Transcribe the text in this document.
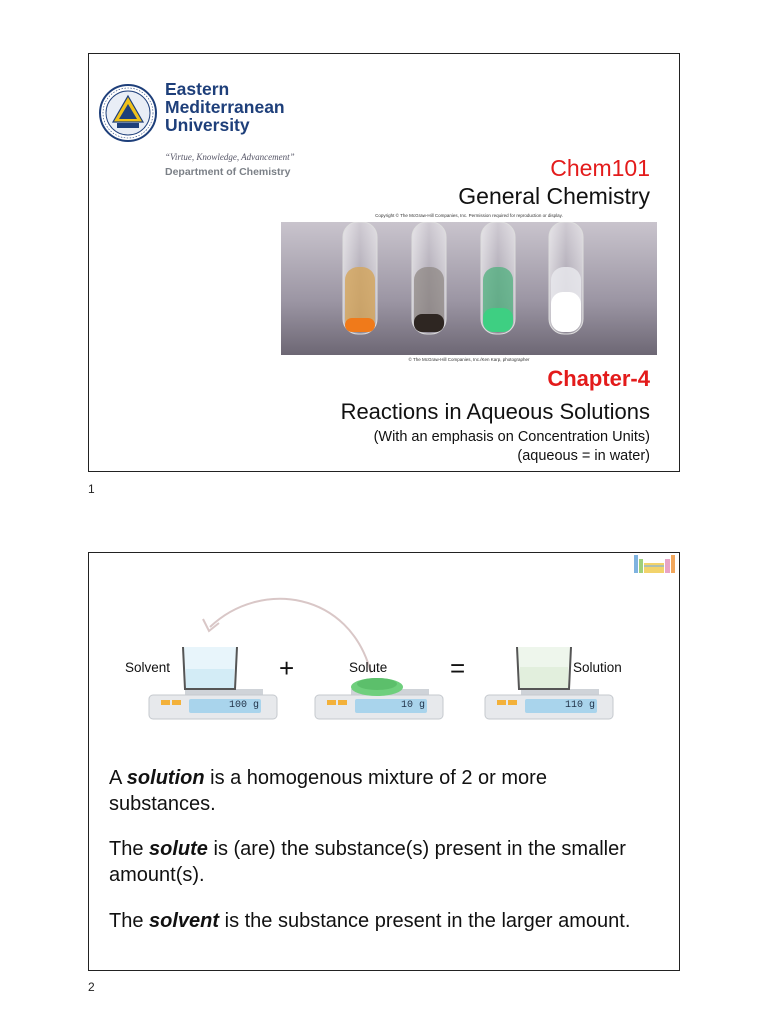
Eastern
Mediterranean
University
“Virtue, Knowledge, Advancement”
Department of Chemistry	Chem101
General Chemistry
Copyright © The McGraw-Hill Companies, Inc. Permission required for reproduction or display.
© The McGraw-Hill Companies, Inc./Ken Karp, photographer
Chapter-4
Reactions in Aqueous Solutions
(With an emphasis on Concentration Units)
(aqueous = in water)
1
Solvent	+	Solute =	Solution
100 g	10 g	110 g
A solution is a homogenous mixture of 2 or more substances.
The solute is (are) the substance(s) present in the smaller amount(s).
The solvent is the substance present in the larger amount.
2
